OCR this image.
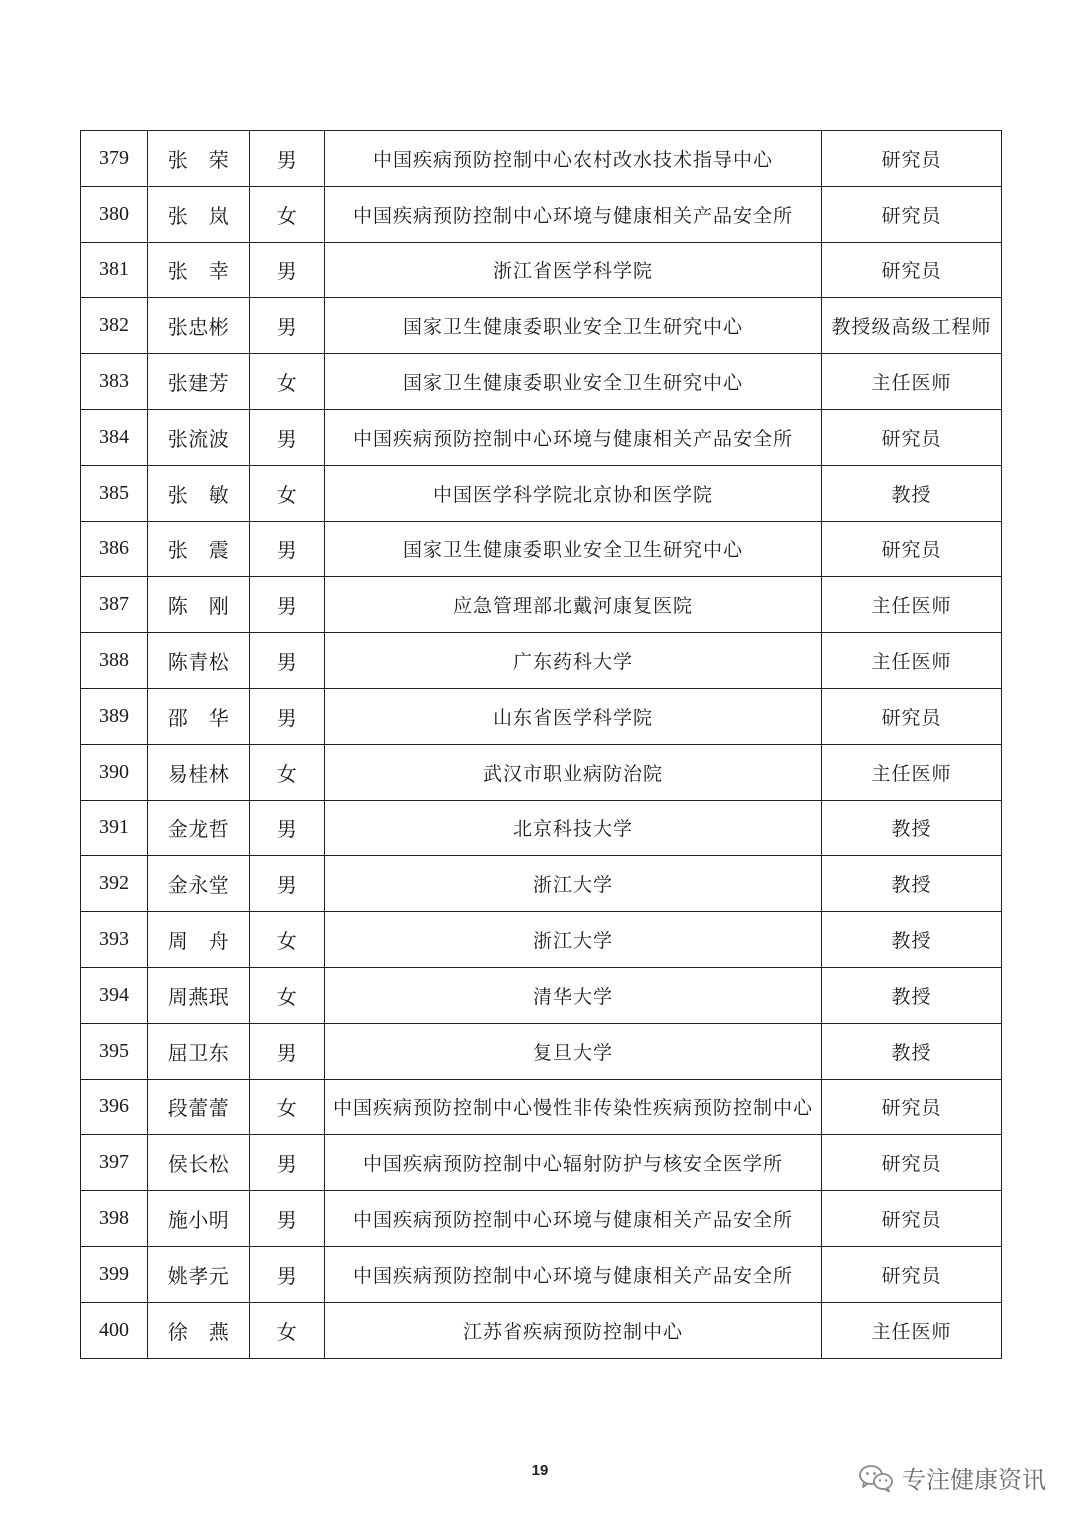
379	张　荣	男	中国疾病预防控制中心农村改水技术指导中心	研究员
380	张　岚	女	中国疾病预防控制中心环境与健康相关产品安全所	研究员
381	张　幸	男	浙江省医学科学院	研究员
382	张忠彬	男	国家卫生健康委职业安全卫生研究中心	教授级高级工程师
383	张建芳	女	国家卫生健康委职业安全卫生研究中心	主任医师
384	张流波	男	中国疾病预防控制中心环境与健康相关产品安全所	研究员
385	张　敏	女	中国医学科学院北京协和医学院	教授
386	张　震	男	国家卫生健康委职业安全卫生研究中心	研究员
387	陈　刚	男	应急管理部北戴河康复医院	主任医师
388	陈青松	男	广东药科大学	主任医师
389	邵　华	男	山东省医学科学院	研究员
390	易桂林	女	武汉市职业病防治院	主任医师
391	金龙哲	男	北京科技大学	教授
392	金永堂	男	浙江大学	教授
393	周　舟	女	浙江大学	教授
394	周燕珉	女	清华大学	教授
395	屈卫东	男	复旦大学	教授
396	段蕾蕾	女	中国疾病预防控制中心慢性非传染性疾病预防控制中心	研究员
397	侯长松	男	中国疾病预防控制中心辐射防护与核安全医学所	研究员
398	施小明	男	中国疾病预防控制中心环境与健康相关产品安全所	研究员
399	姚孝元	男	中国疾病预防控制中心环境与健康相关产品安全所	研究员
400	徐　燕	女	江苏省疾病预防控制中心	主任医师
19	专注健康资讯
